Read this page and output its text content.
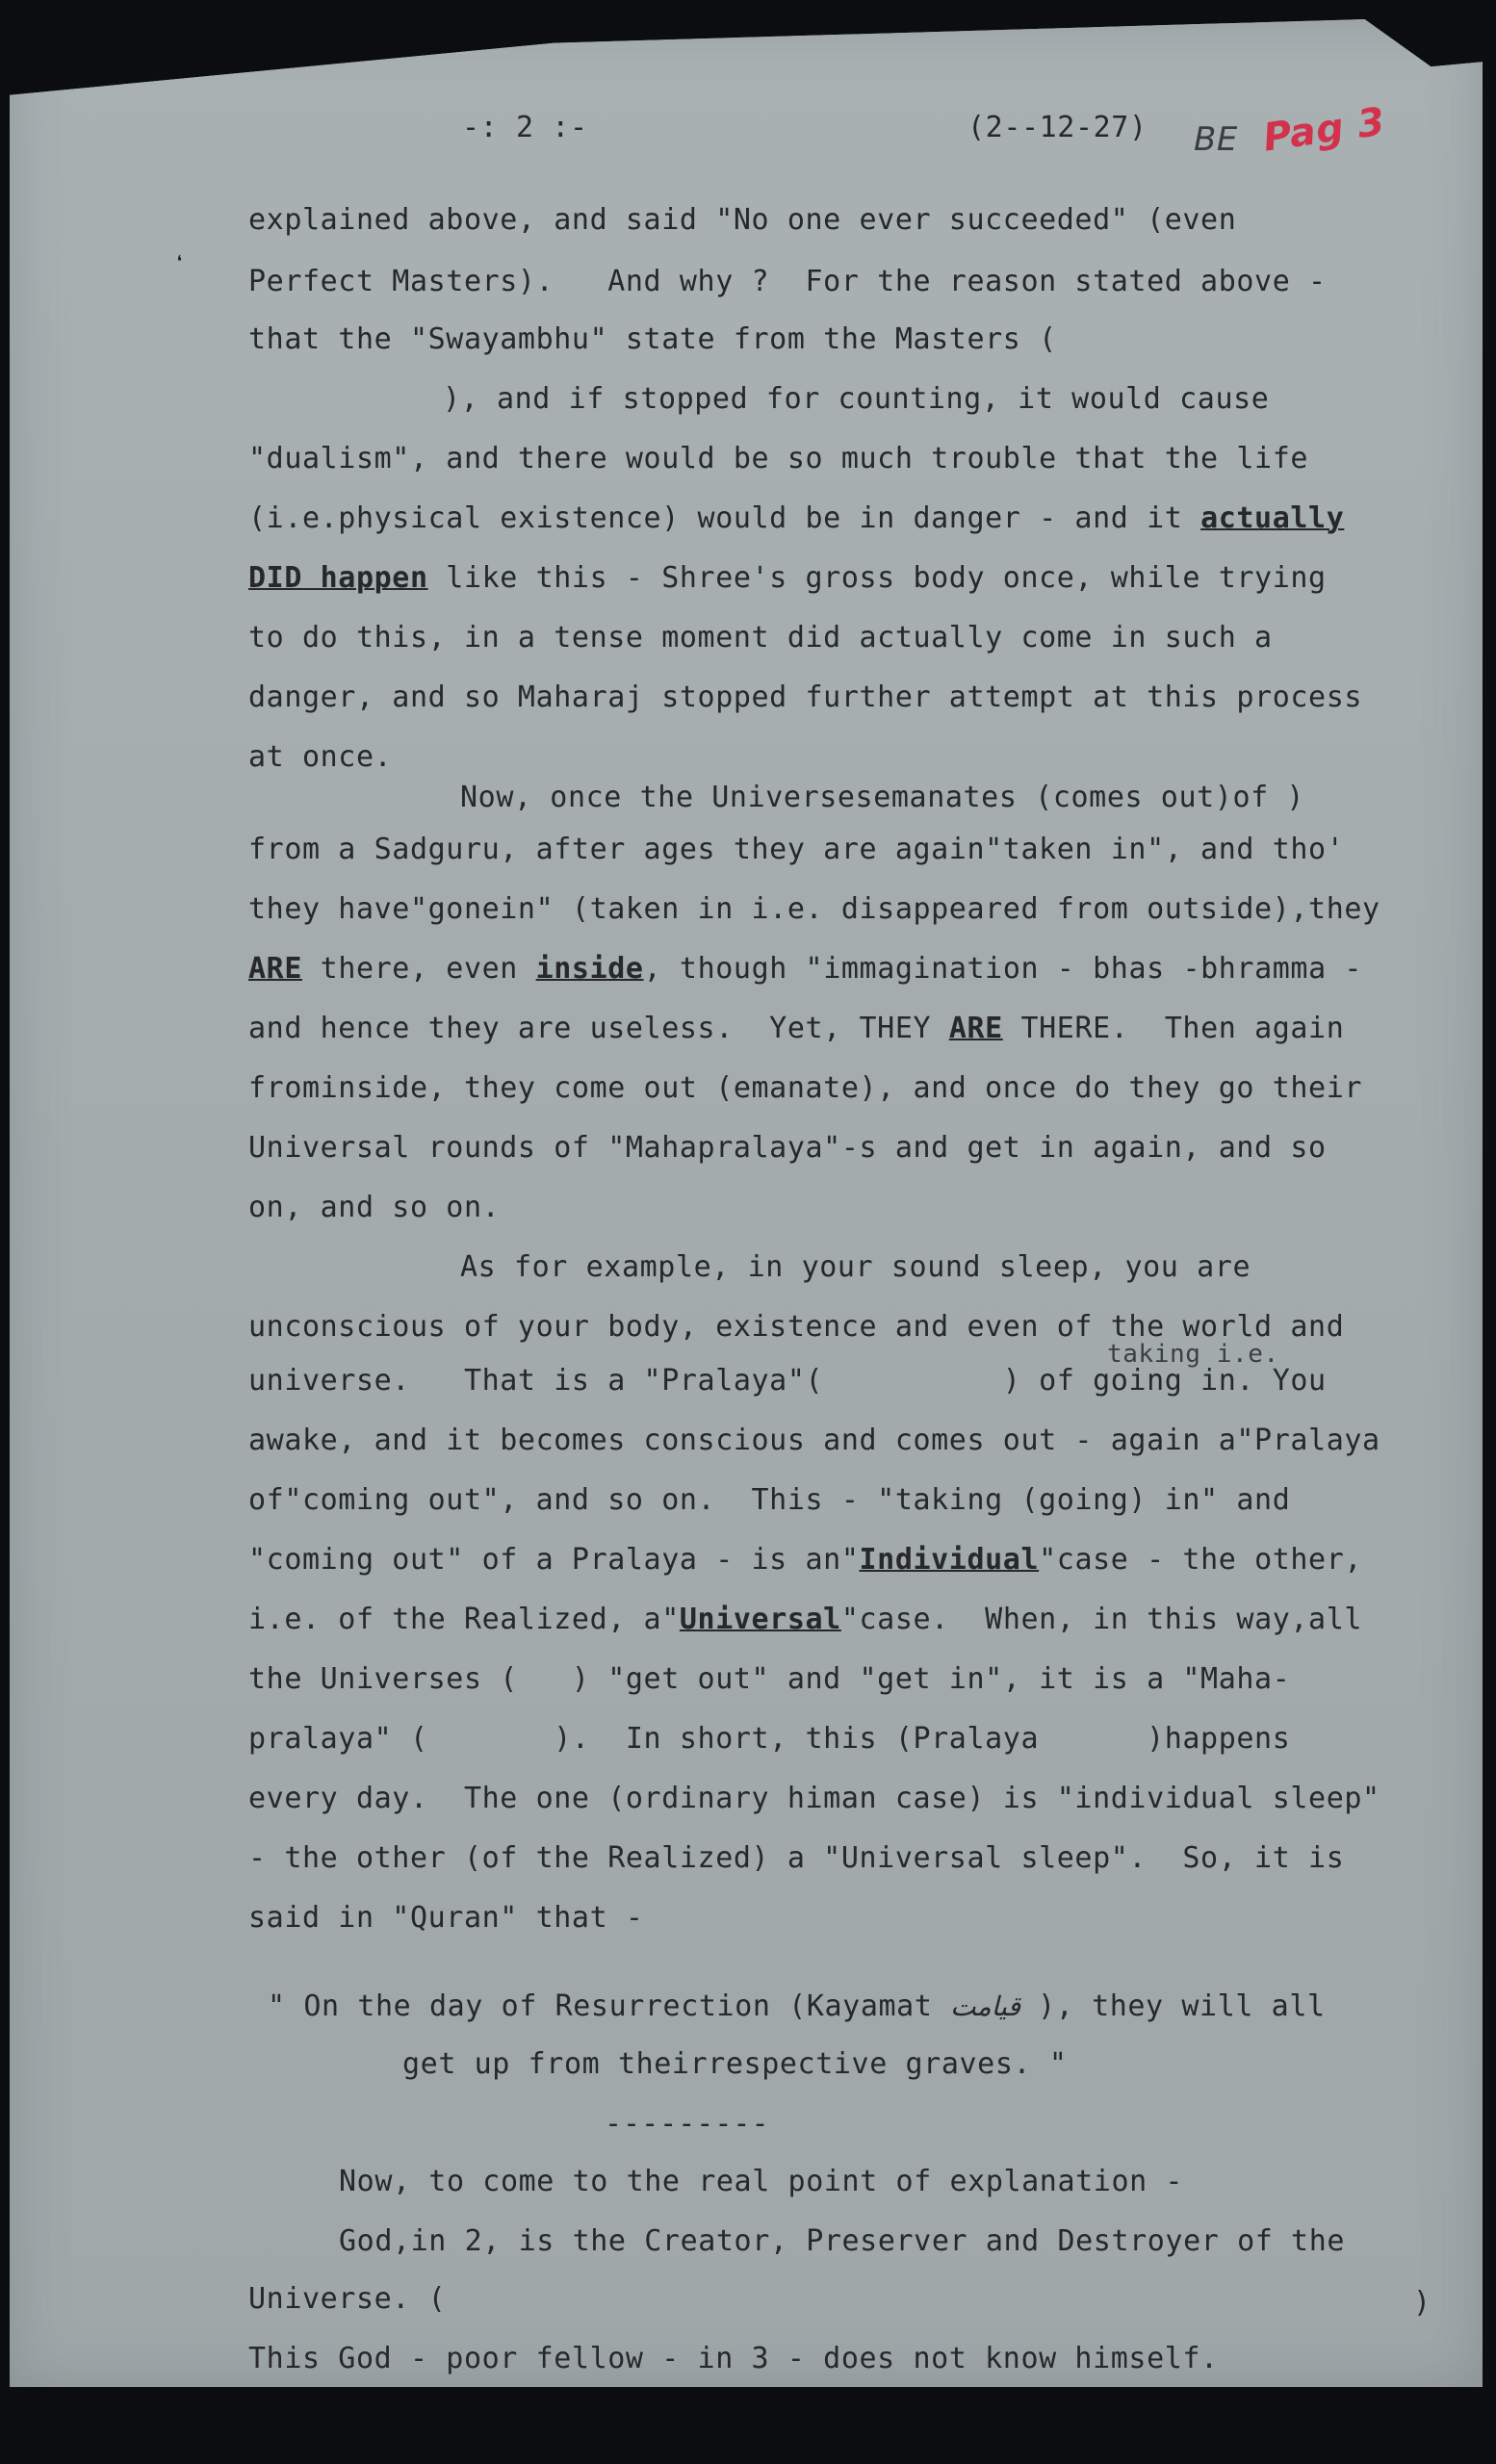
-: 2 :-	(2--12-27) BE Pag 3
❛
explained above, and said "No one ever succeeded" (even
Perfect Masters).   And why ?  For the reason stated above -
that the "Swayambhu" state from the Masters (
), and if stopped for counting, it would cause
"dualism", and there would be so much trouble that the life
(i.e.physical existence) would be in danger - and it actually
DID happen like this - Shree's gross body once, while trying
to do this, in a tense moment did actually come in such a
danger, and so Maharaj stopped further attempt at this process
at once.
Now, once the Universesemanates (comes out)of )
from a Sadguru, after ages they are again"taken in", and tho'
they have"gonein" (taken in i.e. disappeared from outside),they
ARE there, even inside, though "immagination - bhas -bhramma -
and hence they are useless.  Yet, THEY ARE THERE.  Then again
frominside, they come out (emanate), and once do they go their
Universal rounds of "Mahapralaya"-s and get in again, and so
on, and so on.
As for example, in your sound sleep, you are
unconscious of your body, existence and even of the world and
taking i.e.
universe.   That is a "Pralaya"(          ) of going in. You
awake, and it becomes conscious and comes out - again a"Pralaya
of"coming out", and so on.  This - "taking (going) in" and
"coming out" of a Pralaya - is an"Individual"case - the other,
i.e. of the Realized, a"Universal"case.  When, in this way,all
the Universes (   ) "get out" and "get in", it is a "Maha-
pralaya" (       ).  In short, this (Pralaya      )happens
every day.  The one (ordinary himan case) is "individual sleep"
- the other (of the Realized) a "Universal sleep".  So, it is
said in "Quran" that -
" On the day of Resurrection (Kayamat قیامت ), they will all
get up from theirrespective graves. "
---------
Now, to come to the real point of explanation -
God,in 2, is the Creator, Preserver and Destroyer of the
Universe. (	)
This God - poor fellow - in 3 - does not know himself.
